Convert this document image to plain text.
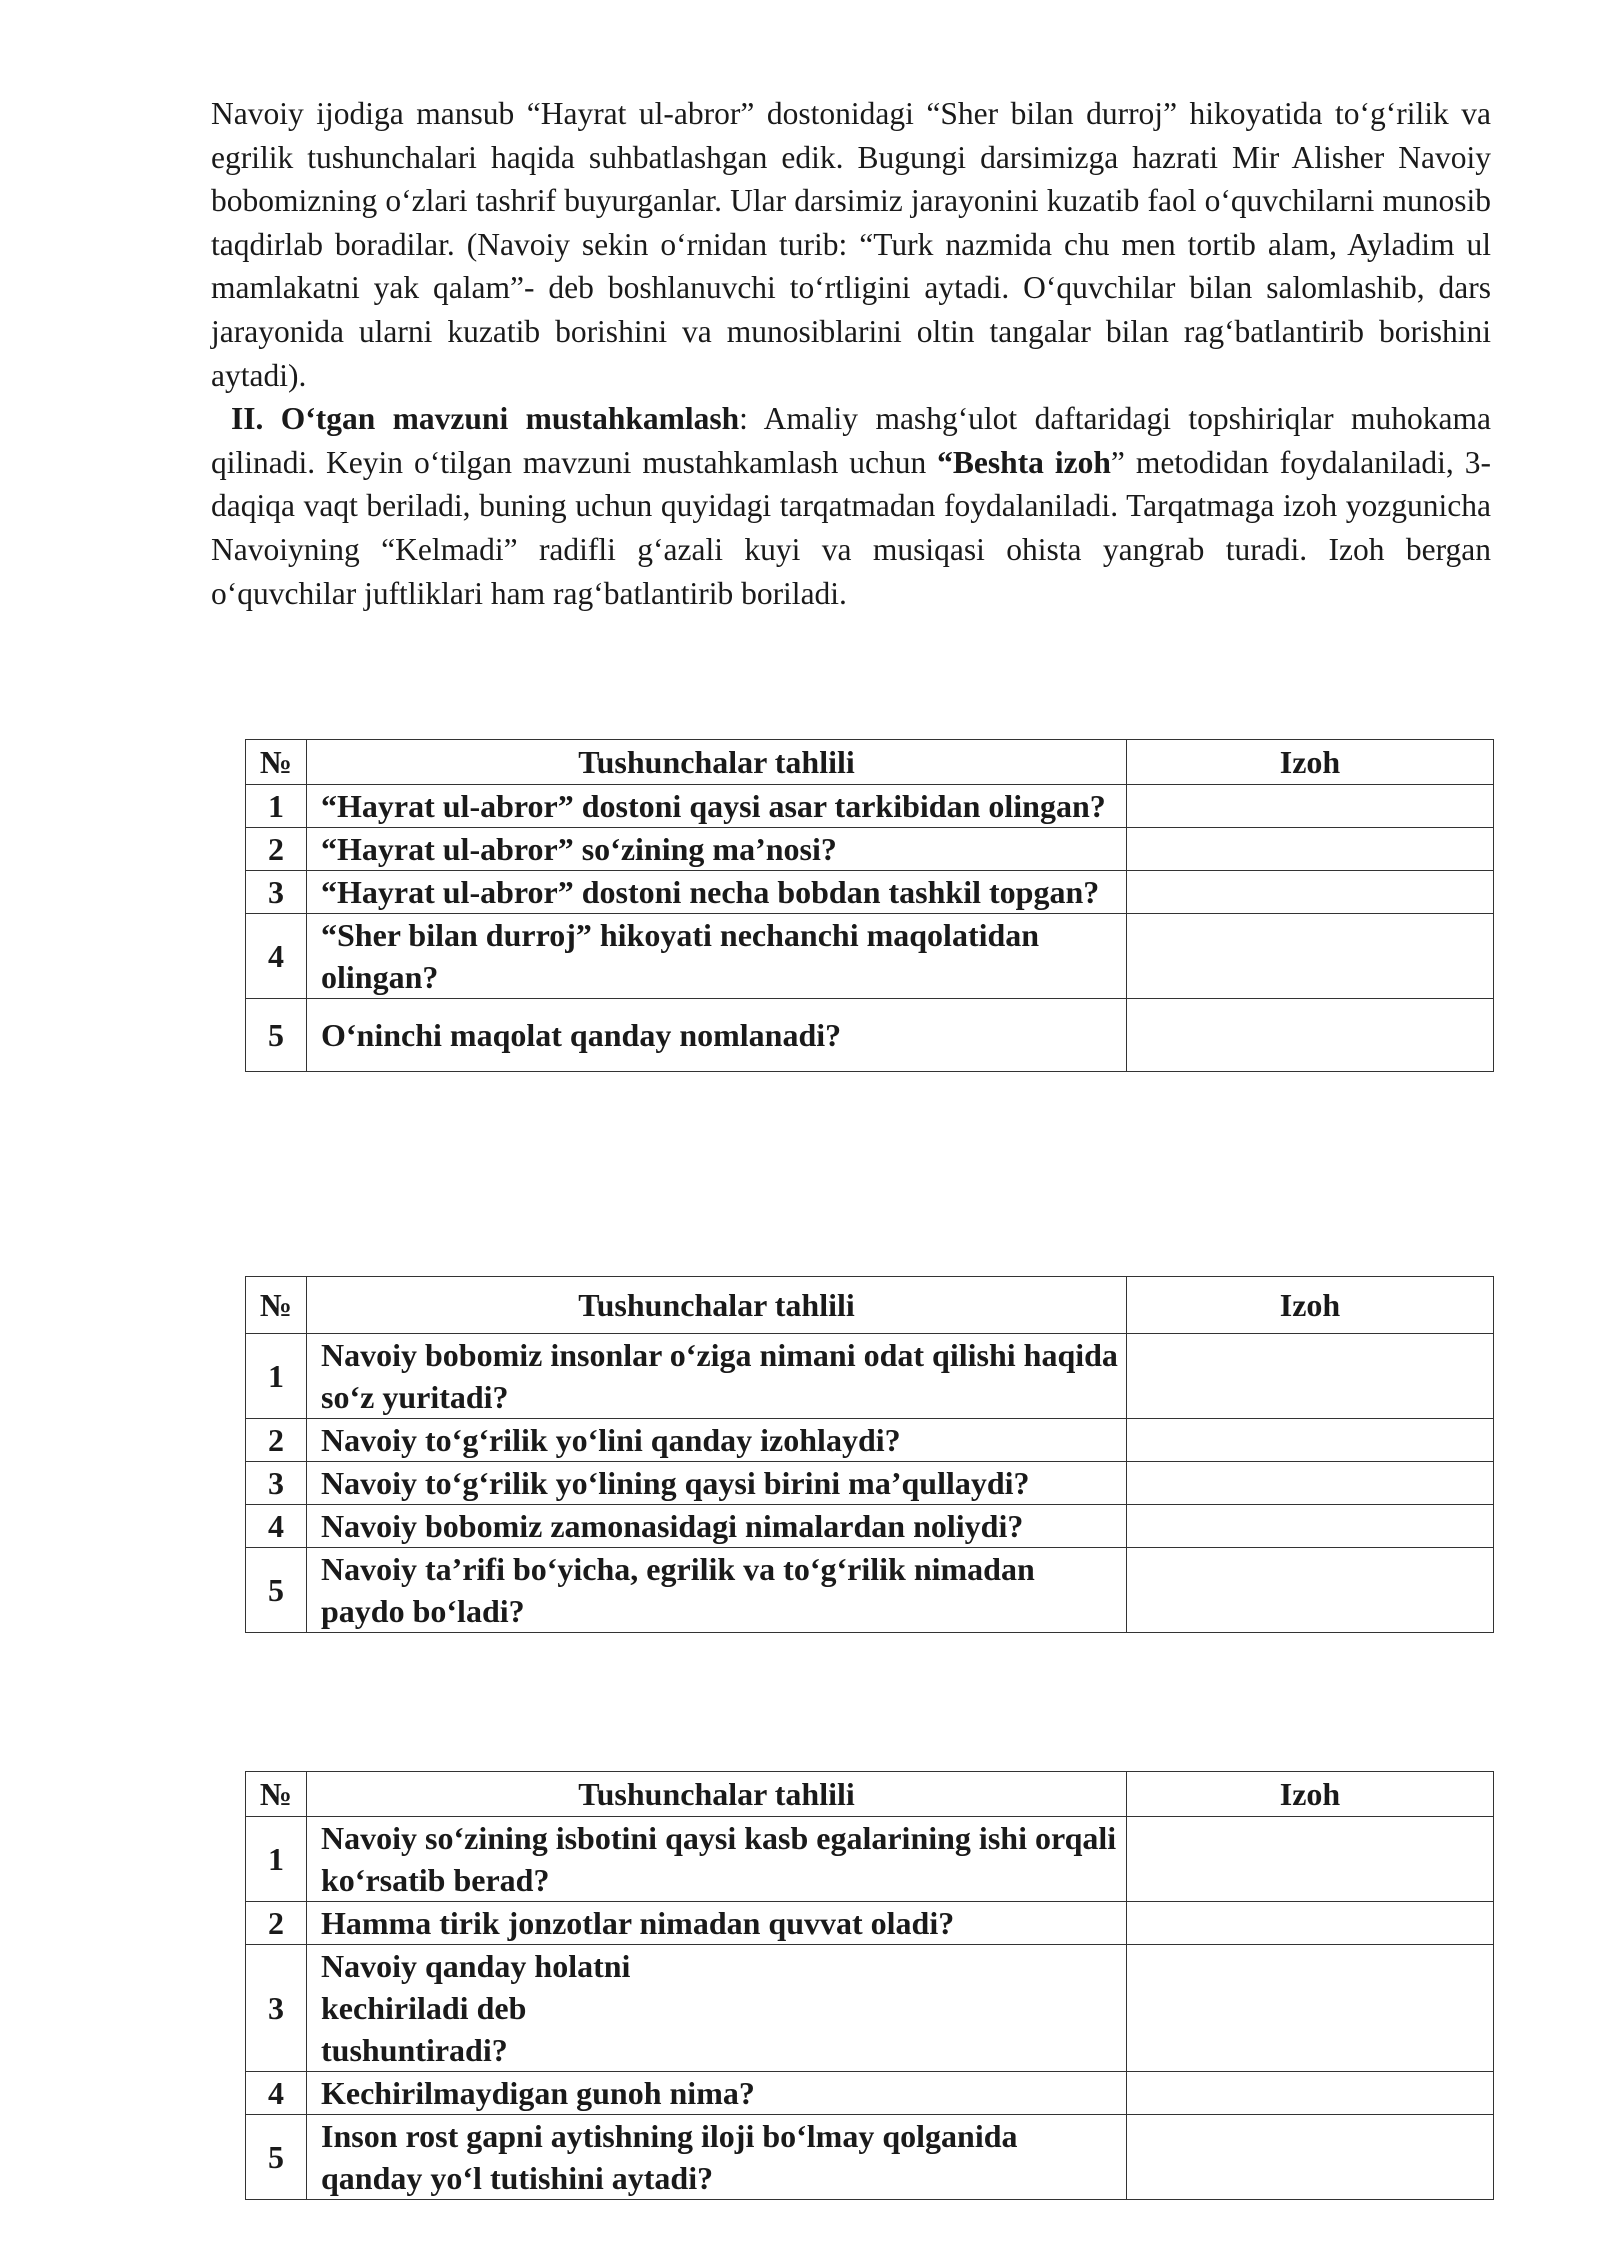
Navoiy ijodiga mansub “Hayrat ul-abror” dostonidagi “Sher bilan durroj” hikoyatida to‘g‘rilik va egrilik tushunchalari haqida suhbatlashgan edik. Bugungi darsimizga hazrati Mir Alisher Navoiy bobomizning o‘zlari tashrif buyurganlar. Ular darsimiz jarayonini kuzatib faol o‘quvchilarni munosib taqdirlab boradilar. (Navoiy sekin o‘rnidan turib: “Turk nazmida chu men tortib alam, Ayladim ul mamlakatni yak qalam”- deb boshlanuvchi to‘rtligini aytadi. O‘quvchilar bilan salomlashib, dars jarayonida ularni kuzatib borishini va munosiblarini oltin tangalar bilan rag‘batlantirib borishini aytadi).

II. O‘tgan mavzuni mustahkamlash: Amaliy mashg‘ulot daftaridagi topshiriqlar muhokama qilinadi. Keyin o‘tilgan mavzuni mustahkamlash uchun “Beshta izoh” metodidan foydalaniladi, 3-daqiqa vaqt beriladi, buning uchun quyidagi tarqatmadan foydalaniladi. Tarqatmaga izoh yozgunicha Navoiyning “Kelmadi” radifli g‘azali kuyi va musiqasi ohista yangrab turadi. Izoh bergan o‘quvchilar juftliklari ham rag‘batlantirib boriladi.

№	Tushunchalar tahlili	Izoh
1	“Hayrat ul-abror” dostoni qaysi asar tarkibidan olingan?	
2	“Hayrat ul-abror” so‘zining ma’nosi?	
3	“Hayrat ul-abror” dostoni necha bobdan tashkil topgan?	
4	“Sher bilan durroj” hikoyati nechanchi maqolatidan olingan?	
5	O‘ninchi maqolat qanday nomlanadi?	
№	Tushunchalar tahlili	Izoh
1	Navoiy bobomiz insonlar o‘ziga nimani odat qilishi haqida so‘z yuritadi?	
2	Navoiy to‘g‘rilik yo‘lini qanday izohlaydi?	
3	Navoiy to‘g‘rilik yo‘lining qaysi birini ma’qullaydi?	
4	Navoiy bobomiz zamonasidagi nimalardan noliydi?	
5	Navoiy ta’rifi bo‘yicha, egrilik va to‘g‘rilik nimadan paydo bo‘ladi?	
№	Tushunchalar tahlili	Izoh
1	Navoiy so‘zining isbotini qaysi kasb egalarining ishi orqali ko‘rsatib berad?	
2	Hamma tirik jonzotlar nimadan quvvat oladi?	
3	Navoiy qanday holatni kechiriladi deb tushuntiradi?	
4	Kechirilmaydigan gunoh nima?	
5	Inson rost gapni aytishning iloji bo‘lmay qolganida qanday yo‘l tutishini aytadi?	
